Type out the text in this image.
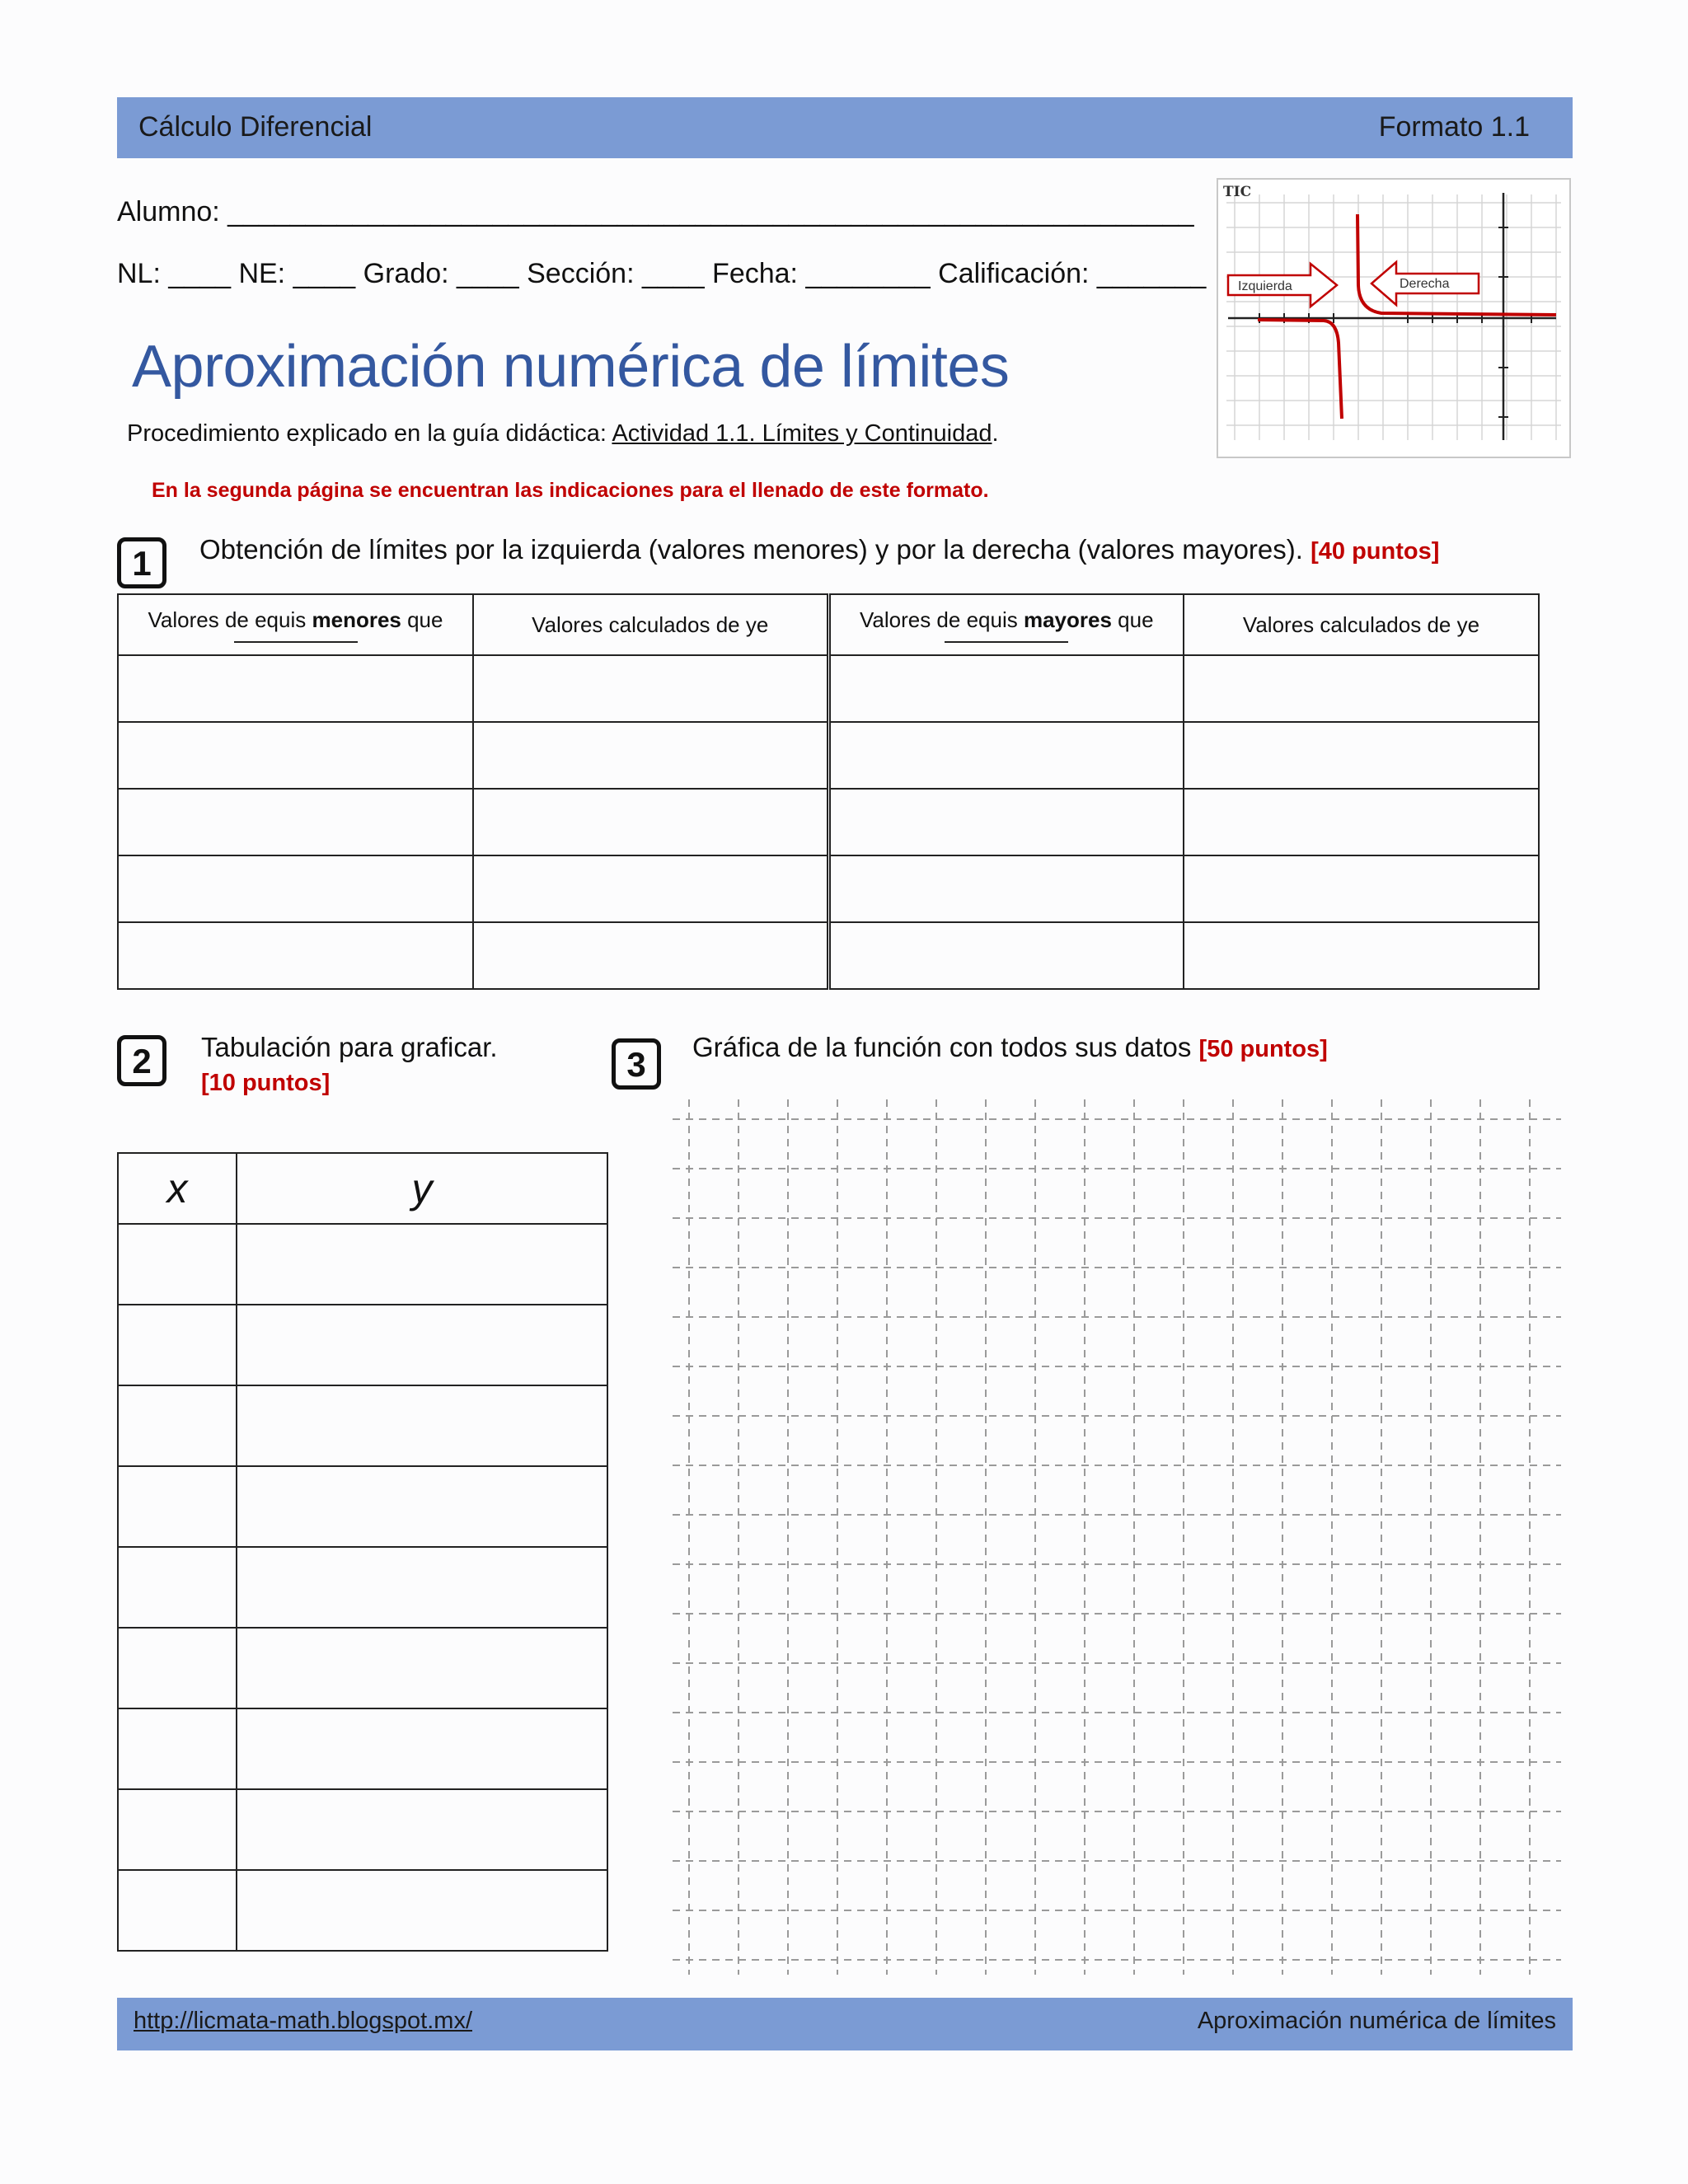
Cálculo Diferencial	Formato 1.1
Alumno: ______________________________________________________________
NL: ____ NE: ____ Grado: ____ Sección: ____ Fecha: ________ Calificación: _______
TIC
Izquierda	Derecha
Aproximación numérica de límites
Procedimiento explicado en la guía didáctica: Actividad 1.1. Límites y Continuidad.
En la segunda página se encuentran las indicaciones para el llenado de este formato.
1	Obtención de límites por la izquierda (valores menores) y por la derecha (valores mayores). [40 puntos]
Valores de equis menores que	Valores calculados de ye	Valores de equis mayores que	Valores calculados de ye

2	Tabulación para graficar.
[10 puntos]
x	y

3	Gráfica de la función con todos sus datos [50 puntos]
http://licmata-math.blogspot.mx/	Aproximación numérica de límites
